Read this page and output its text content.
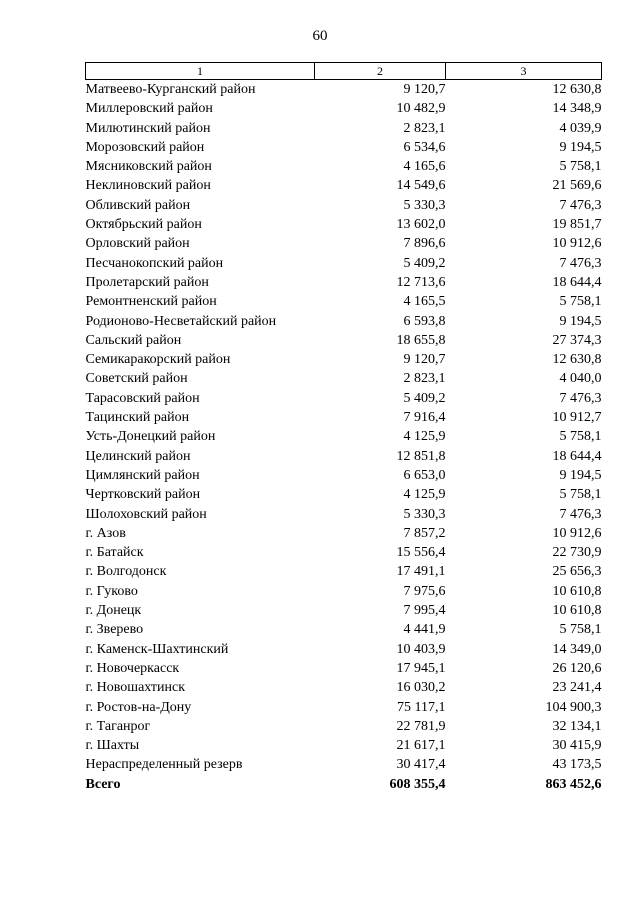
60
1	2	3
Матвеево-Курганский район	9 120,7	12 630,8
Миллеровский район	10 482,9	14 348,9
Милютинский район	2 823,1	4 039,9
Морозовский район	6 534,6	9 194,5
Мясниковский район	4 165,6	5 758,1
Неклиновский район	14 549,6	21 569,6
Обливский район	5 330,3	7 476,3
Октябрьский район	13 602,0	19 851,7
Орловский район	7 896,6	10 912,6
Песчанокопский район	5 409,2	7 476,3
Пролетарский район	12 713,6	18 644,4
Ремонтненский район	4 165,5	5 758,1
Родионово-Несветайский район	6 593,8	9 194,5
Сальский район	18 655,8	27 374,3
Семикаракорский район	9 120,7	12 630,8
Советский район	2 823,1	4 040,0
Тарасовский район	5 409,2	7 476,3
Тацинский район	7 916,4	10 912,7
Усть-Донецкий район	4 125,9	5 758,1
Целинский район	12 851,8	18 644,4
Цимлянский район	6 653,0	9 194,5
Чертковский район	4 125,9	5 758,1
Шолоховский район	5 330,3	7 476,3
г. Азов	7 857,2	10 912,6
г. Батайск	15 556,4	22 730,9
г. Волгодонск	17 491,1	25 656,3
г. Гуково	7 975,6	10 610,8
г. Донецк	7 995,4	10 610,8
г. Зверево	4 441,9	5 758,1
г. Каменск-Шахтинский	10 403,9	14 349,0
г. Новочеркасск	17 945,1	26 120,6
г. Новошахтинск	16 030,2	23 241,4
г. Ростов-на-Дону	75 117,1	104 900,3
г. Таганрог	22 781,9	32 134,1
г. Шахты	21 617,1	30 415,9
Нераспределенный резерв	30 417,4	43 173,5
Всего	608 355,4	863 452,6
